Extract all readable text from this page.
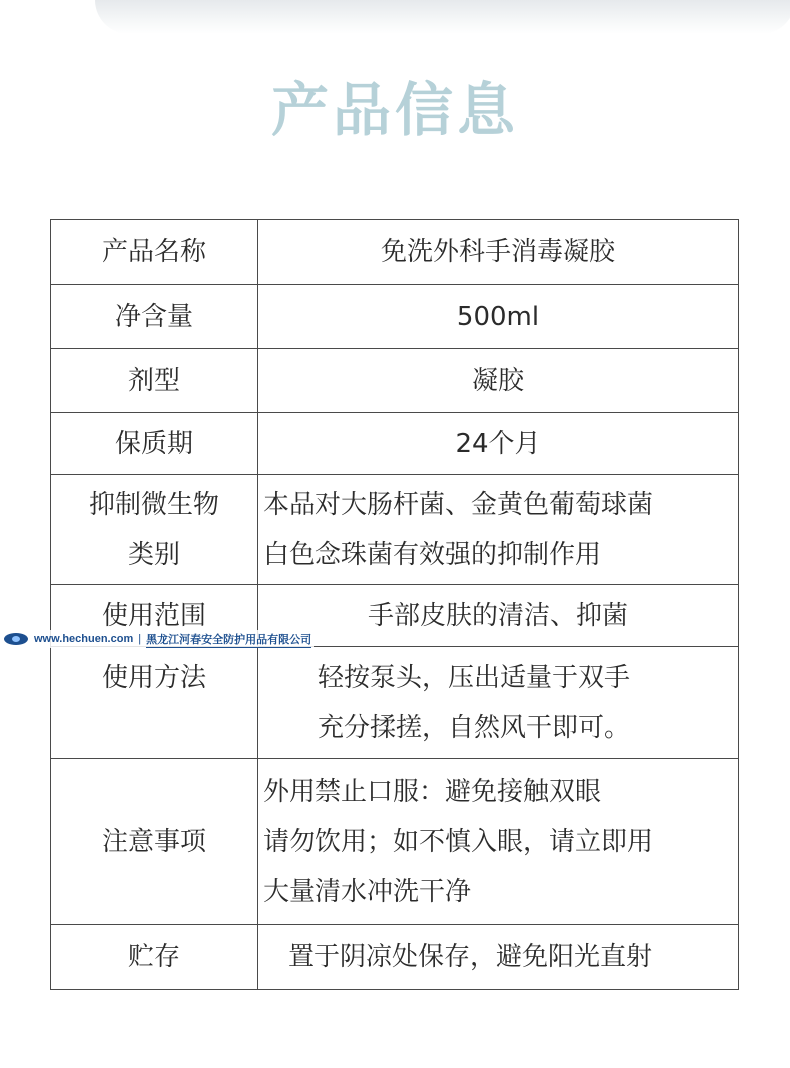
产品信息
产品名称	免洗外科手消毒凝胶

净含量	500ml

剂型	凝胶

保质期	24个月

抑制微生物
类别	本品对大肠杆菌、金黄色葡萄球菌
白色念珠菌有效强的抑制作用

使用范围	手部皮肤的清洁、抑菌

使用方法	轻按泵头，压出适量于双手
充分揉搓，自然风干即可。

注意事项	外用禁止口服：避免接触双眼
请勿饮用；如不慎入眼，请立即用
大量清水冲洗干净

贮存	置于阴凉处保存，避免阳光直射
www.hechuen.com | 黑龙江河春安全防护用品有限公司
